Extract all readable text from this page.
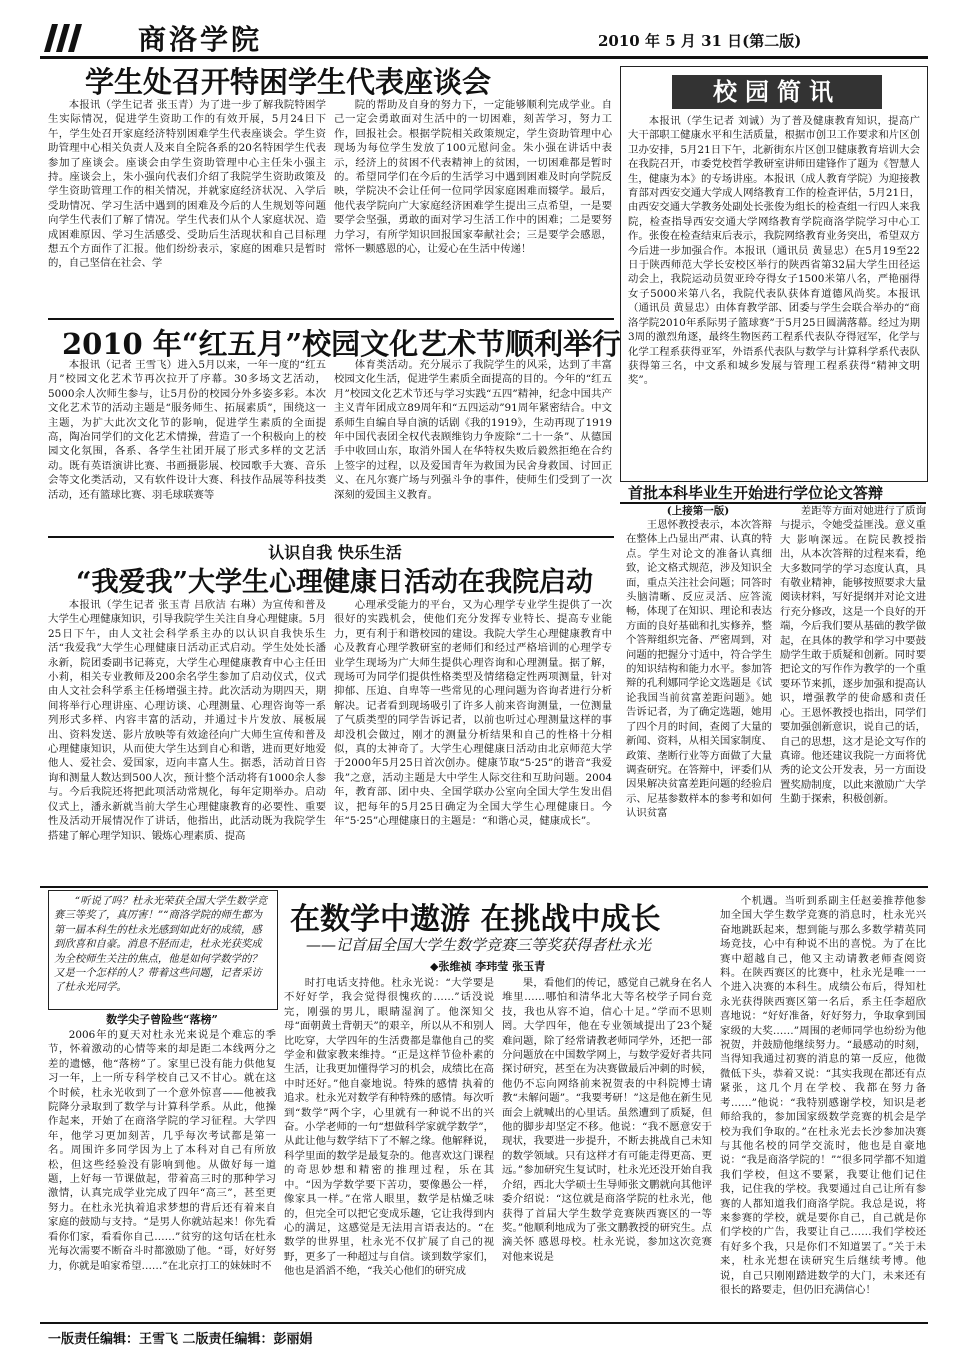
商洛学院	2010 年 5 月 31 日(第二版)
学生处召开特困学生代表座谈会

本报讯（学生记者 张玉青）为了进一步了解我院特困学生实际情况，促进学生资助工作的有效开展，5月24日下午，学生处召开家庭经济特别困难学生代表座谈会。学生资助管理中心相关负责人及来自全院各系的20名特困学生代表参加了座谈会。座谈会由学生资助管理中心主任朱小强主持。座谈会上，朱小强向代表们介绍了我院学生资助政策及学生资助管理工作的相关情况，并就家庭经济状况、入学后受助情况、学习生活中遇到的困难及今后的人生规划等问题向学生代表们了解了情况。学生代表们从个人家庭状况、造成困难原因、学习生活感受、受助后生活现状和自己目标理想五个方面作了汇报。他们纷纷表示，家庭的困难只是暂时的，自己坚信在社会、学

院的帮助及自身的努力下，一定能够顺利完成学业。自己一定会勇敢面对生活中的一切困难，刻苦学习，努力工作，回报社会。根据学院相关政策规定，学生资助管理中心现场为每位学生发放了100元慰问金。朱小强在讲话中表示，经济上的贫困不代表精神上的贫困，一切困难都是暂时的。希望同学们在今后的生活学习中遇到困难及时向学院反映，学院决不会让任何一位同学因家庭困难而辍学。最后，他代表学院向广大家庭经济困难学生提出三点希望，一是要要学会坚强，勇敢的面对学习生活工作中的困难；二是要努力学习，有所学知识回报国家奉献社会；三是要学会感恩，常怀一颗感恩的心，让爱心在生活中传递！

2010 年“红五月”校园文化艺术节顺利举行

本报讯（记者 王雪飞）进入5月以来，一年一度的“红五月”校园文化艺术节再次拉开了序幕。30多场文艺活动，5000余人次师生参与，让5月份的校园分外多姿多彩。本次文化艺术节的活动主题是“服务师生、拓展素质”，围绕这一主题，为扩大此次文化节的影响，促进学生素质的全面提高，陶冶同学们的文化艺术情操，营造了一个积极向上的校园文化氛围，各系、各学生社团开展了形式多样的文艺活动。既有英语演讲比赛、书画摄影展、校园歌手大赛、音乐会等文化类活动，又有软件设计大赛、科技作品展等科技类活动，还有篮球比赛、羽毛球联赛等

体育类活动。充分展示了我院学生的风采，达到了丰富校园文化生活，促进学生素质全面提高的目的。今年的“红五月”校园文化艺术节还与学习实践“五四”精神，纪念中国共产主义青年团成立89周年和“五四运动”91周年紧密结合。中文系师生自编自导自演的话剧《我的1919》，生动再现了1919年中国代表团全权代表顾维钧力争废除“二十一条”、从德国手中收回山东，取消外国人在华特权失败后毅然拒绝在合约上签字的过程，以及爱国青年为救国为民舍身救国、讨回正义、在凡尔赛广场与列强斗争的事件，使师生们受到了一次深刻的爱国主义教育。

认识自我 快乐生活
“我爱我”大学生心理健康日活动在我院启动

本报讯（学生记者 张玉青 吕欣洁 右琳）为宣传和普及大学生心理健康知识，引导我院学生关注自身心理健康。5月25日下午，由人文社会科学系主办的以认识自我快乐生活“我爱我”大学生心理健康日活动正式启动。学生处处长潘永新，院团委副书记蒋克，大学生心理健康教育中心主任田小莉，相关专业教师及200余名学生参加了启动仪式，仪式由人文社会科学系主任杨增强主持。此次活动为期四天，期间将举行心理讲座、心理访谈、心理测量、心理咨询等一系列形式多样、内容丰富的活动，并通过卡片发放、展板展出、资料发送、影片放映等有效途径向广大师生宣传和普及心理健康知识，从而使大学生达到自心和谐，进而更好地爱他人、爱社会、爱国家，迈向丰富人生。据悉，活动首日咨询和测量人数达到500人次，预计整个活动将有1000余人参与。今后我院还将把此项活动常规化，每年定期举办。启动仪式上，潘永新就当前大学生心理健康教育的必要性、重要性及活动开展情况作了讲话，他指出，此活动既为我院学生搭建了解心理学知识、锻炼心理素质、提高

心理承受能力的平台，又为心理学专业学生提供了一次很好的实践机会，使他们充分发挥专业特长、提高专业能力，更有利于和谐校园的建设。我院大学生心理健康教育中心及教育心理学教研室的老师们和经过严格培训的心理学专业学生现场为广大师生提供心理咨询和心理测量。据了解，现场可为同学们提供性格类型及情绪稳定性两项测量，针对抑郁、压迫、自卑等一些常见的心理问题为咨询者进行分析解决。记者看到现场吸引了许多人前来咨询测量，一位测量了气质类型的同学告诉记者，以前也听过心理测量这样的事却没机会做过，刚才的测量分析结果和自己的性格十分相似，真的太神奇了。大学生心理健康日活动由北京师范大学于2000年5月25日首次创办。健康节取“5·25”的谐音“我爱我”之意，活动主题是大中学生人际交往和互助问题。2004年，教育部、团中央、全国学联办公室向全国大学生发出倡议，把每年的5月25日确定为全国大学生心理健康日。今年“5·25”心理健康日的主题是：“和谐心灵，健康成长”。

校园简讯

本报讯（学生记者 刘诚）为了普及健康教育知识，提高广大干部职工健康水平和生活质量，根据市创卫工作要求和片区创卫办安排，5月21日下午，北新街东片区创卫健康教育培训大会在我院召开，市委党校哲学教研室讲师田建锋作了题为《智慧人生，健康为本》的专场讲座。本报讯（成人教育学院）为迎接教育部对西安交通大学成人网络教育工作的检查评估，5月21日，由西安交通大学教务处副处长张俊为组长的检查组一行四人来我院，检查指导西安交通大学网络教育学院商洛学院学习中心工作。张俊在检查结束后表示，我院网络教育业务突出，希望双方今后进一步加强合作。本报讯（通讯员 黄显忠）在5月19至22日于陕西师范大学长安校区举行的陕西省第32届大学生田径运动会上，我院运动员贺亚玲夺得女子1500米第八名，严艳丽得女子5000米第八名，我院代表队获体育道德风尚奖。本报讯（通讯员 黄显忠）由体育教学部、团委与学生会联合举办的“商洛学院2010年系际男子篮球赛”于5月25日圆满落幕。经过为期3周的激烈角逐，最终生物医药工程系代表队夺得冠军，化学与化学工程系获得亚军，外语系代表队与数学与计算科学系代表队获得第三名，中文系和城乡发展与管理工程系获得“精神文明奖”。

首批本科毕业生开始进行学位论文答辩
(上接第一版)

王恩怀教授表示，本次答辩在整体上凸显出严肃、认真的特点。学生对论文的准备认真细致，论文格式规范，涉及知识全面，重点关注社会问题；同答时头脑清晰、反应灵活、应答流畅，体现了在知识、理论和表达方面的良好基础和扎实修养，整个答辩组织完备、严密周到，对问题的把握分寸适中，符合学生的知识结构和能力水平。参加答辩的孔利娜同学论文选题是《试论我国当前贫富差距问题》。她告诉记者，为了确定选题，她用了四个月的时间，查阅了大量的新闻、资料，从相关国家制度、政策、垄断行业等方面做了大量调查研究。在答辩中，评委们从因果解决贫富差距问题的经验启示、尼基参数样本的参考和如何认识贫富

差距等方面对她进行了质询与提示，令她受益匪浅。意义重大 影响深远。在院民教授指出，从本次答辩的过程来看，绝大多数同学的学习态度认真，具有敬业精神，能够按照要求大量阅读材料，写好提纲并对论文进行充分修改，这是一个良好的开端，今后我们要从基础的教学做起，在具体的教学和学习中要鼓励学生敢于质疑和创新。同时要把论文的写作作为教学的一个重要环节来抓，逐步加强和提高认识，增强教学的使命感和责任心。王恩怀教授也指出，同学们要加强创新意识，说自己的话，自己的思想，这才是论文写作的真谛。他还建议我院一方面将优秀的论文公开发表，另一方面设置奖励制度，以此来激励广大学生勤于探索，积极创新。

“听说了吗？杜永光荣获全国大学生数学竞赛三等奖了，真厉害！”“商洛学院的师生都为第一届本科生的杜永光感到如此好的成绩，感到欣喜和自豪。消息不胫而走，杜永光获奖成为全校师生关注的焦点，他是如何学数学的？又是一个怎样的人？带着这些问题，记者采访了杜永光同学。

数学尖子曾险些“落榜”

2006年的夏天对杜永光来说是个难忘的季节，怀着激动的心情等来的却是距二本线两分之差的遗憾，他“落榜”了。家里已没有能力供他复习一年，上一所专科学校自己又不甘心。就在这个时候，杜永光收到了一个意外惊喜——他被我院降分录取到了数学与计算科学系。从此，他操作起来，开始了在商洛学院的学习征程。大学四年，他学习更加刻苦，几乎每次考试都是第一名。周围许多同学因为上了本科对自己有所放松，但这些经验没有影响到他。从做好每一道题，上好每一节课做起，带着高三时的那种学习激情，认真完成学业完成了四年“高三”，甚至更努力。在杜永光执着追求梦想的背后还有着来自家庭的鼓励与支持。“是男人你就站起来！你先看看你们家，看看你自己……”贫穷的这句话在杜永光每次需要不断奋斗时都激励了他。“哥，好好努力，你就是咱家希望……”在北京打工的妹妹时不

在数学中遨游 在挑战中成长
——记首届全国大学生数学竞赛三等奖获得者杜永光
◆张维祯 李玮莹 张玉青

时打电话支持他。杜永光说：“大学要是不好好学，我会觉得很愧疚的……”话没说完，刚强的男儿，眼睛湿润了。他深知父母“面朝黄土背朝天”的艰辛，所以从不和别人比吃穿，大学四年的生活费都是靠他自己的奖学金和做家教来维持。“正是这样节俭朴素的生活，让我更加懂得学习的机会，成绩比在高中时还好。”他自豪地说。特殊的感情 执着的追求。杜永光对数学有种特殊的感情。每次听到“数学”两个字，心里就有一种说不出的兴奋。小学老师的一句“想做科学家就学数学”，从此让他与数学结下了不解之缘。他解释说，科学里面的数学是最复杂的。他喜欢这门课程的奇思妙想和精密的推理过程，乐在其中。“因为学数学要下苦功，要像愚公一样，像家具一样。”在常人眼里，数学是枯燥乏味的，但完全可以把它变成乐趣，它让我得到内心的满足，这感觉是无法用言语表达的。“在数学的世界里，杜永光不仅扩展了自己的视野，更多了一种超过与自信。谈到数学家们，他也是滔滔不绝，“我关心他们的研究成

果，看他们的传记，感觉自己就身在名人堆里……哪怕和清华北大等名校学子同台竞技，我也从容不迫，信心十足。”学而不思则罔。大学四年，他在专业领域提出了23个疑难问题，除了经常请教老师同学外，还把一部分问题放在中国数学网上，与数学爱好者共同探讨研究，甚至在为决赛做最后冲刺的时候，他仍不忘向网络前来祝贺表的中科院博士请教“未解问题”。“我要考研！”这是他在新生见面会上就喊出的心里话。虽然遭到了质疑，但他的脚步却坚定不移。他说：“我不愿意安于现状，我要进一步提升，不断去挑战自己未知的数学领域。只有这样才有可能走得更高、更远。”参加研究生复试时，杜永光还没开始自我介绍，西北大学硕士生导师张文鹏就向其他评委介绍说：“这位就是商洛学院的杜永光，他获得了首届大学生数学竞赛陕西赛区的一等奖。”他顺利地成为了张文鹏教授的研究生。点滴关怀 感恩母校。杜永光说，参加这次竞赛对他来说是

个机遇。当听到系副主任赵姜推荐他参加全国大学生数学竞赛的消息时，杜永光兴奋地跳跃起来，想到能与那么多数学精英同场竞技，心中有种说不出的喜悦。为了在比赛中超越自己，他又主动请教老师查阅资料。在陕西赛区的比赛中，杜永光是唯一一个进入决赛的本科生。成绩公布后，得知杜永光获得陕西赛区第一名后，系主任李超欣喜地说：“好好准备，好好努力，争取拿到国家级的大奖……”周围的老师同学也纷纷为他祝贺，并鼓励他继续努力。“最感动的时刻，当得知我通过初赛的消息的第一反应，他微微低下头，恭着又说：“其实我现在都还有点紧张，这几个月在学校、我都在努力备考……”他说：“我特别感谢学校，知识是老师给我的，参加国家级数学竞赛的机会是学校为我们争取的。”在杜永光去长沙参加决赛与其他名校的同学交流时，他也是自豪地说：“我是商洛学院的！”“很多同学都不知道我们学校，但这不要紧，我要让他们记住我，记住我的学校。我要通过自己让所有参赛的人都知道我们商洛学院。我总是说，将来参赛的学校，就是要你自己，自己就是你们学校的广告，我要让自己……我们学校还有好多个我，只是你们不知道罢了。”关于未来，杜永光想在读研究生后继续考博。他说，自己只刚刚踏进数学的大门，未来还有很长的路要走，但仍旧充满信心！

一版责任编辑：王雪飞 二版责任编辑：彭丽娟
